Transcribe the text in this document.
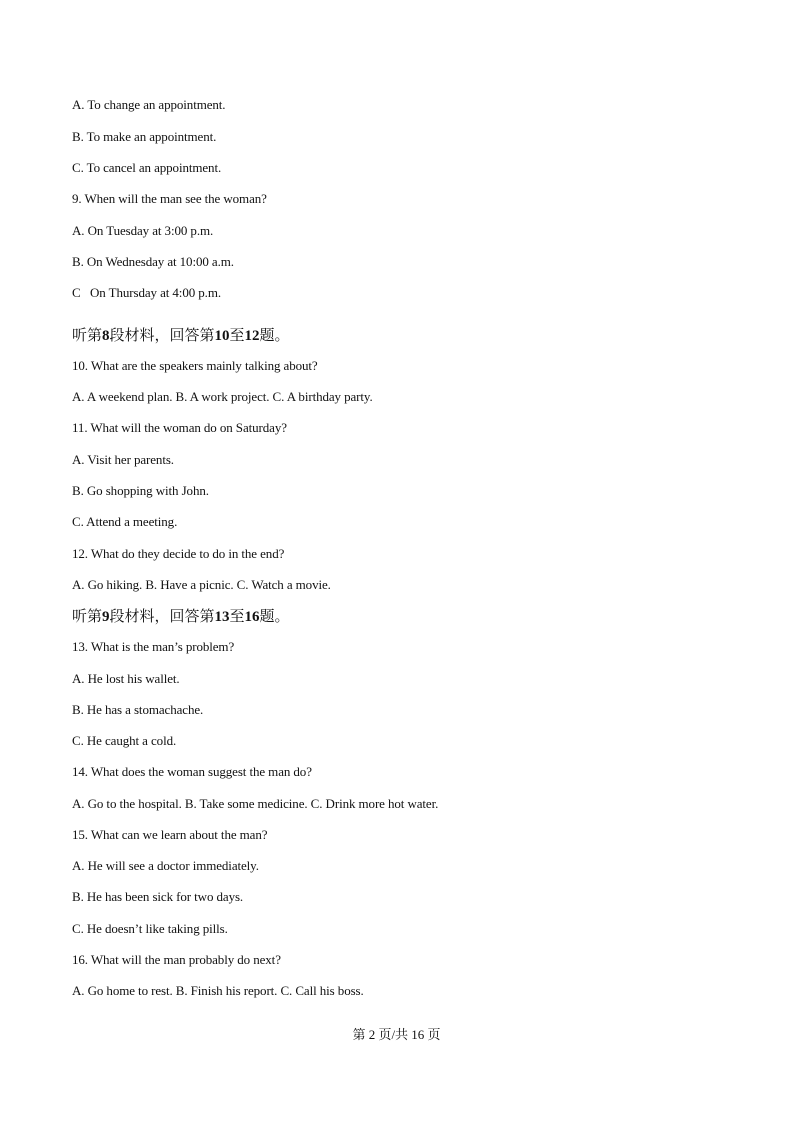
A. To change an appointment.
B. To make an appointment.
C. To cancel an appointment.
9. When will the man see the woman?
A. On Tuesday at 3:00 p.m.
B. On Wednesday at 10:00 a.m.
C   On Thursday at 4:00 p.m.
听第8段材料，回答第10至12题。
10. What are the speakers mainly talking about?
A. A weekend plan. B. A work project. C. A birthday party.
11. What will the woman do on Saturday?
A. Visit her parents.
B. Go shopping with John.
C. Attend a meeting.
12. What do they decide to do in the end?
A. Go hiking. B. Have a picnic. C. Watch a movie.
听第9段材料，回答第13至16题。
13. What is the man’s problem?
A. He lost his wallet.
B. He has a stomachache.
C. He caught a cold.
14. What does the woman suggest the man do?
A. Go to the hospital. B. Take some medicine. C. Drink more hot water.
15. What can we learn about the man?
A. He will see a doctor immediately.
B. He has been sick for two days.
C. He doesn’t like taking pills.
16. What will the man probably do next?
A. Go home to rest. B. Finish his report. C. Call his boss.
第 2 页/共 16 页
